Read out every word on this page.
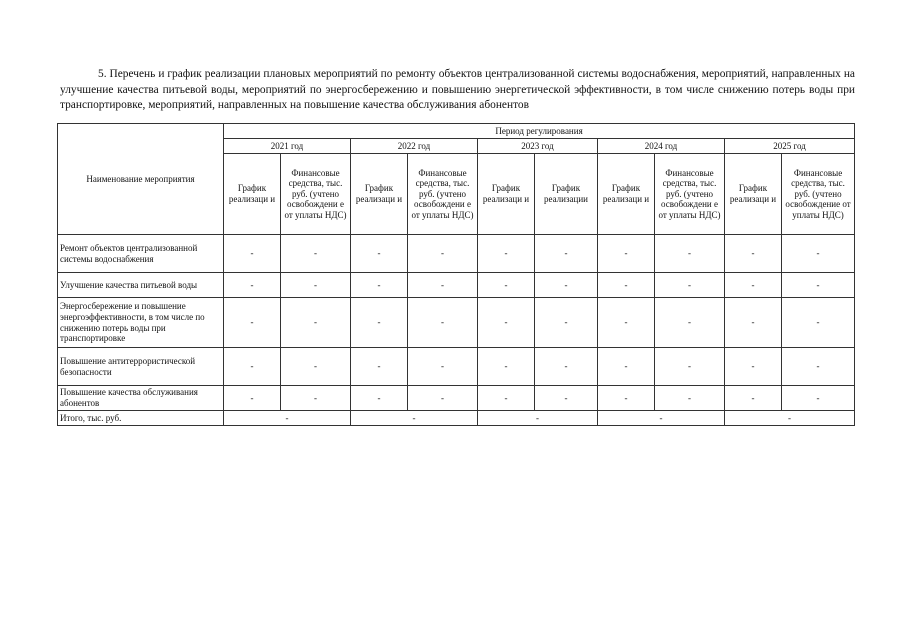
5. Перечень и график реализации плановых мероприятий по ремонту объектов централизованной системы водоснабжения, мероприятий, направленных на улучшение качества питьевой воды, мероприятий по энергосбережению и повышению энергетической эффективности, в том числе снижению потерь воды при транспортировке, мероприятий, направленных на повышение качества обслуживания абонентов

Наименование мероприятия	Период регулирования									
	2021 год		2022 год		2023 год		2024 год		2025 год	
	График реализаци и	Финансовые средства, тыс. руб. (учтено освобождени е от уплаты НДС)	График реализаци и	Финансовые средства, тыс. руб. (учтено освобождени е от уплаты НДС)	График реализаци и	График реализации	График реализаци и	Финансовые средства, тыс. руб. (учтено освобождени е от уплаты НДС)	График реализаци и	Финансовые средства, тыс. руб. (учтено освобождение от уплаты НДС)
Ремонт объектов централизованной системы водоснабжения	-	-	-	-	-	-	-	-	-	-
Улучшение качества питьевой воды	-	-	-	-	-	-	-	-	-	-
Энергосбережение и повышение энергоэффективности, в том числе по снижению потерь воды при транспортировке	-	-	-	-	-	-	-	-	-	-
Повышение антитеррористической безопасности	-	-	-	-	-	-	-	-	-	-
Повышение качества обслуживания абонентов	-	-	-	-	-	-	-	-	-	-
Итого, тыс. руб.	-		-		-		-		-	
